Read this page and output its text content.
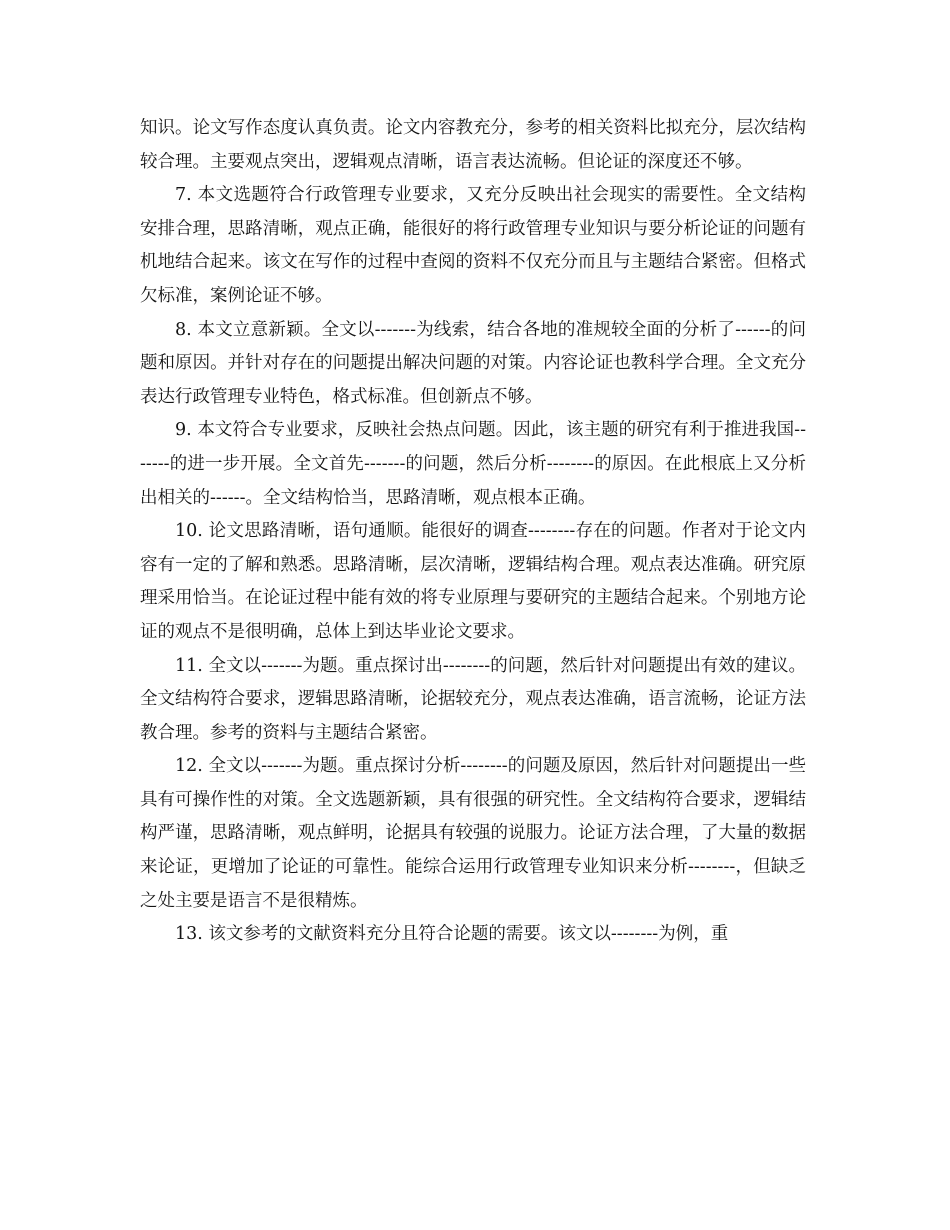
知识。论文写作态度认真负责。论文内容教充分，参考的相关资料比拟充分，层次结构较合理。主要观点突出，逻辑观点清晰，语言表达流畅。但论证的深度还不够。

7. 本文选题符合行政管理专业要求，又充分反映出社会现实的需要性。全文结构安排合理，思路清晰，观点正确，能很好的将行政管理专业知识与要分析论证的问题有机地结合起来。该文在写作的过程中查阅的资料不仅充分而且与主题结合紧密。但格式欠标准，案例论证不够。

8. 本文立意新颖。全文以-------为线索，结合各地的准规较全面的分析了------的问题和原因。并针对存在的问题提出解决问题的对策。内容论证也教科学合理。全文充分表达行政管理专业特色，格式标准。但创新点不够。

9. 本文符合专业要求，反映社会热点问题。因此，该主题的研究有利于推进我国-------的进一步开展。全文首先-------的问题，然后分析--------的原因。在此根底上又分析出相关的------。全文结构恰当，思路清晰，观点根本正确。

10. 论文思路清晰，语句通顺。能很好的调查--------存在的问题。作者对于论文内容有一定的了解和熟悉。思路清晰，层次清晰，逻辑结构合理。观点表达准确。研究原理采用恰当。在论证过程中能有效的将专业原理与要研究的主题结合起来。个别地方论证的观点不是很明确，总体上到达毕业论文要求。

11. 全文以-------为题。重点探讨出--------的问题，然后针对问题提出有效的建议。全文结构符合要求，逻辑思路清晰，论据较充分，观点表达准确，语言流畅，论证方法教合理。参考的资料与主题结合紧密。

12. 全文以-------为题。重点探讨分析--------的问题及原因，然后针对问题提出一些具有可操作性的对策。全文选题新颖，具有很强的研究性。全文结构符合要求，逻辑结构严谨，思路清晰，观点鲜明，论据具有较强的说服力。论证方法合理，了大量的数据来论证，更增加了论证的可靠性。能综合运用行政管理专业知识来分析--------，但缺乏之处主要是语言不是很精炼。

13. 该文参考的文献资料充分且符合论题的需要。该文以--------为例，重
